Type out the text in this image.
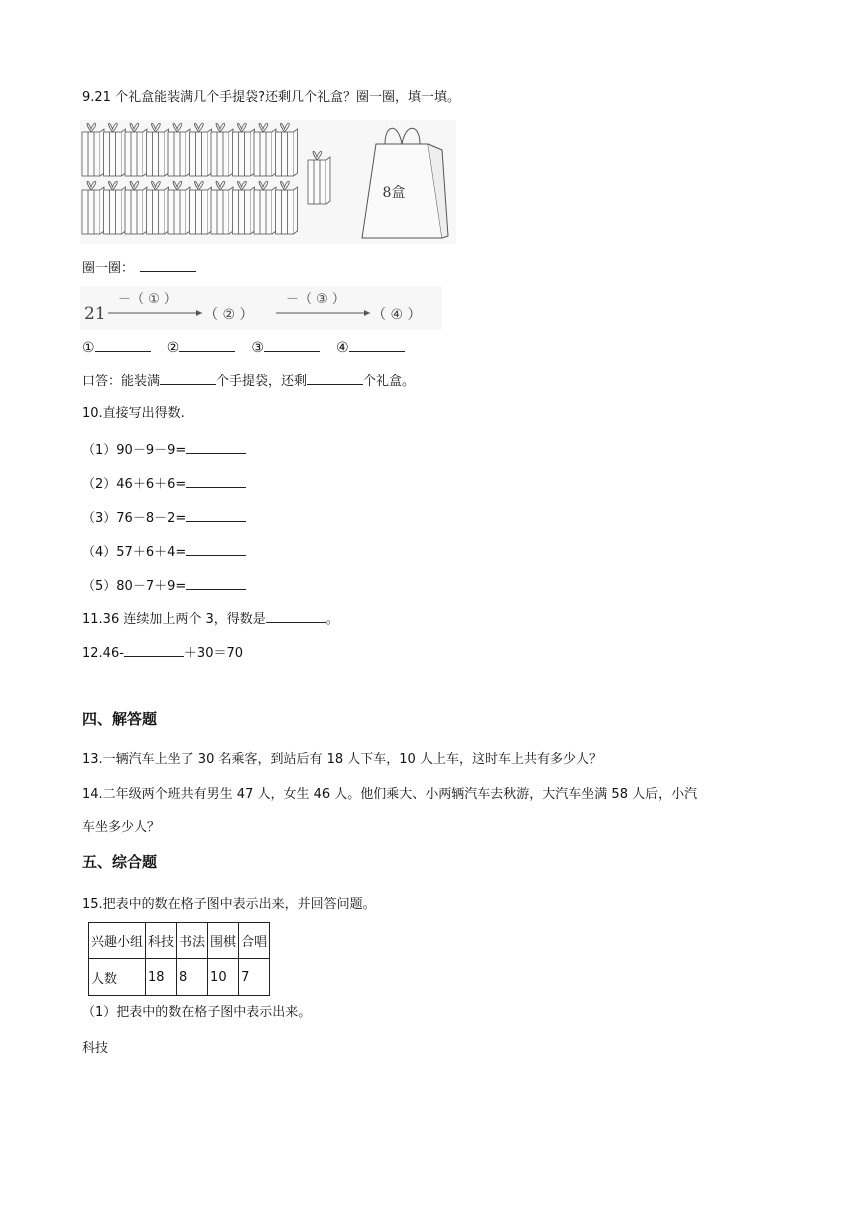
9.21 个礼盒能装满几个手提袋?还剩几个礼盒？圈一圈，填一填。
8盒
圈一圈：
21
－（ ① ）
（ ② ）
－（ ③ ）
（ ④ ）
①	②	③	④
口答：能装满	个手提袋，还剩	个礼盒。
10.直接写出得数.
（1）90－9－9=
（2）46＋6＋6=
（3）76－8－2=
（4）57＋6＋4=
（5）80－7＋9=
11.36 连续加上两个 3，得数是	。
12.46-	＋30＝70
四、解答题
13.一辆汽车上坐了 30 名乘客，到站后有 18 人下车，10 人上车，这时车上共有多少人？
14.二年级两个班共有男生 47 人，女生 46 人。他们乘大、小两辆汽车去秋游，大汽车坐满 58 人后，小汽
车坐多少人？
五、综合题
15.把表中的数在格子图中表示出来，并回答问题。
兴趣小组	科技	书法	围棋	合唱
人数	18	8	10	7
（1）把表中的数在格子图中表示出来。
科技
